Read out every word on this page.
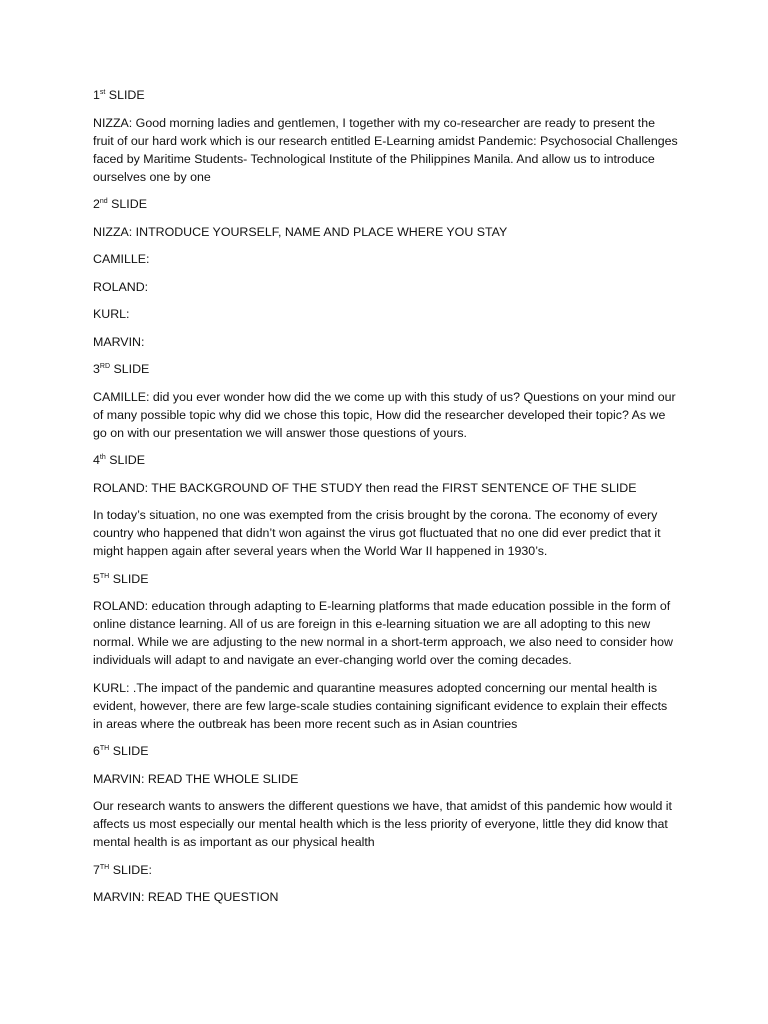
1st SLIDE

NIZZA: Good morning ladies and gentlemen, I together with my co-researcher are ready to present the fruit of our hard work which is our research entitled E-Learning amidst Pandemic: Psychosocial Challenges faced by Maritime Students- Technological Institute of the Philippines Manila. And allow us to introduce ourselves one by one

2nd SLIDE

NIZZA: INTRODUCE YOURSELF, NAME AND PLACE WHERE YOU STAY

CAMILLE:

ROLAND:

KURL:

MARVIN:

3RD SLIDE

CAMILLE: did you ever wonder how did the we come up with this study of us? Questions on your mind our of many possible topic why did we chose this topic, How did the researcher developed their topic? As we go on with our presentation we will answer those questions of yours.

4th SLIDE

ROLAND: THE BACKGROUND OF THE STUDY then read the FIRST SENTENCE OF THE SLIDE

In today’s situation, no one was exempted from the crisis brought by the corona. The economy of every country who happened that didn’t won against the virus got fluctuated that no one did ever predict that it might happen again after several years when the World War II happened in 1930’s.

5TH SLIDE

ROLAND: education through adapting to E-learning platforms that made education possible in the form of online distance learning. All of us are foreign in this e-learning situation we are all adopting to this new normal. While we are adjusting to the new normal in a short-term approach, we also need to consider how individuals will adapt to and navigate an ever-changing world over the coming decades.

KURL: .The impact of the pandemic and quarantine measures adopted concerning our mental health is evident, however, there are few large-scale studies containing significant evidence to explain their effects in areas where the outbreak has been more recent such as in Asian countries

6TH SLIDE

MARVIN: READ THE WHOLE SLIDE

Our research wants to answers the different questions we have, that amidst of this pandemic how would it affects us most especially our mental health which is the less priority of everyone, little they did know that mental health is as important as our physical health

7TH SLIDE:

MARVIN: READ THE QUESTION
